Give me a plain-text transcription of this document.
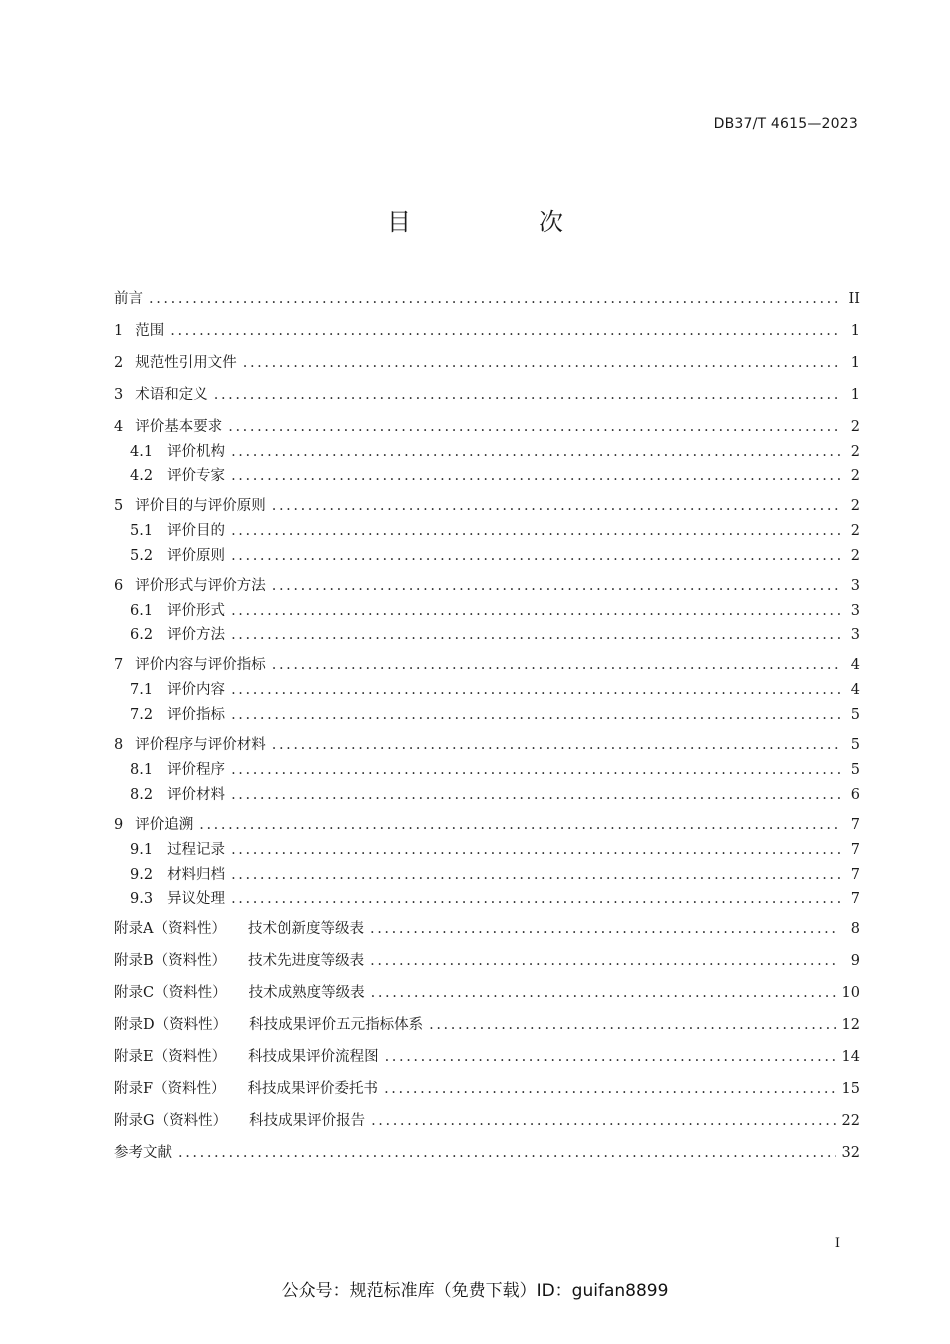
DB37/T 4615—2023
目　次
前言 .....	II
1 范围 .....	1
2 规范性引用文件 .....	1
3 术语和定义 .....	1
4 评价基本要求 .....	2
4.1 评价机构 .....	2
4.2 评价专家 .....	2
5 评价目的与评价原则 .....	2
5.1 评价目的 .....	2
5.2 评价原则 .....	2
6 评价形式与评价方法 .....	3
6.1 评价形式 .....	3
6.2 评价方法 .....	3
7 评价内容与评价指标 .....	4
7.1 评价内容 .....	4
7.2 评价指标 .....	5
8 评价程序与评价材料 .....	5
8.1 评价程序 .....	5
8.2 评价材料 .....	6
9 评价追溯 .....	7
9.1 过程记录 .....	7
9.2 材料归档 .....	7
9.3 异议处理 .....	7
附录A（资料性） 技术创新度等级表 .....	8
附录B（资料性） 技术先进度等级表 .....	9
附录C（资料性） 技术成熟度等级表 .....	10
附录D（资料性） 科技成果评价五元指标体系 .....	12
附录E（资料性） 科技成果评价流程图 .....	14
附录F（资料性） 科技成果评价委托书 .....	15
附录G（资料性） 科技成果评价报告 .....	22
参考文献 .....	32
I
公众号：规范标准库（免费下载）ID：guifan8899
